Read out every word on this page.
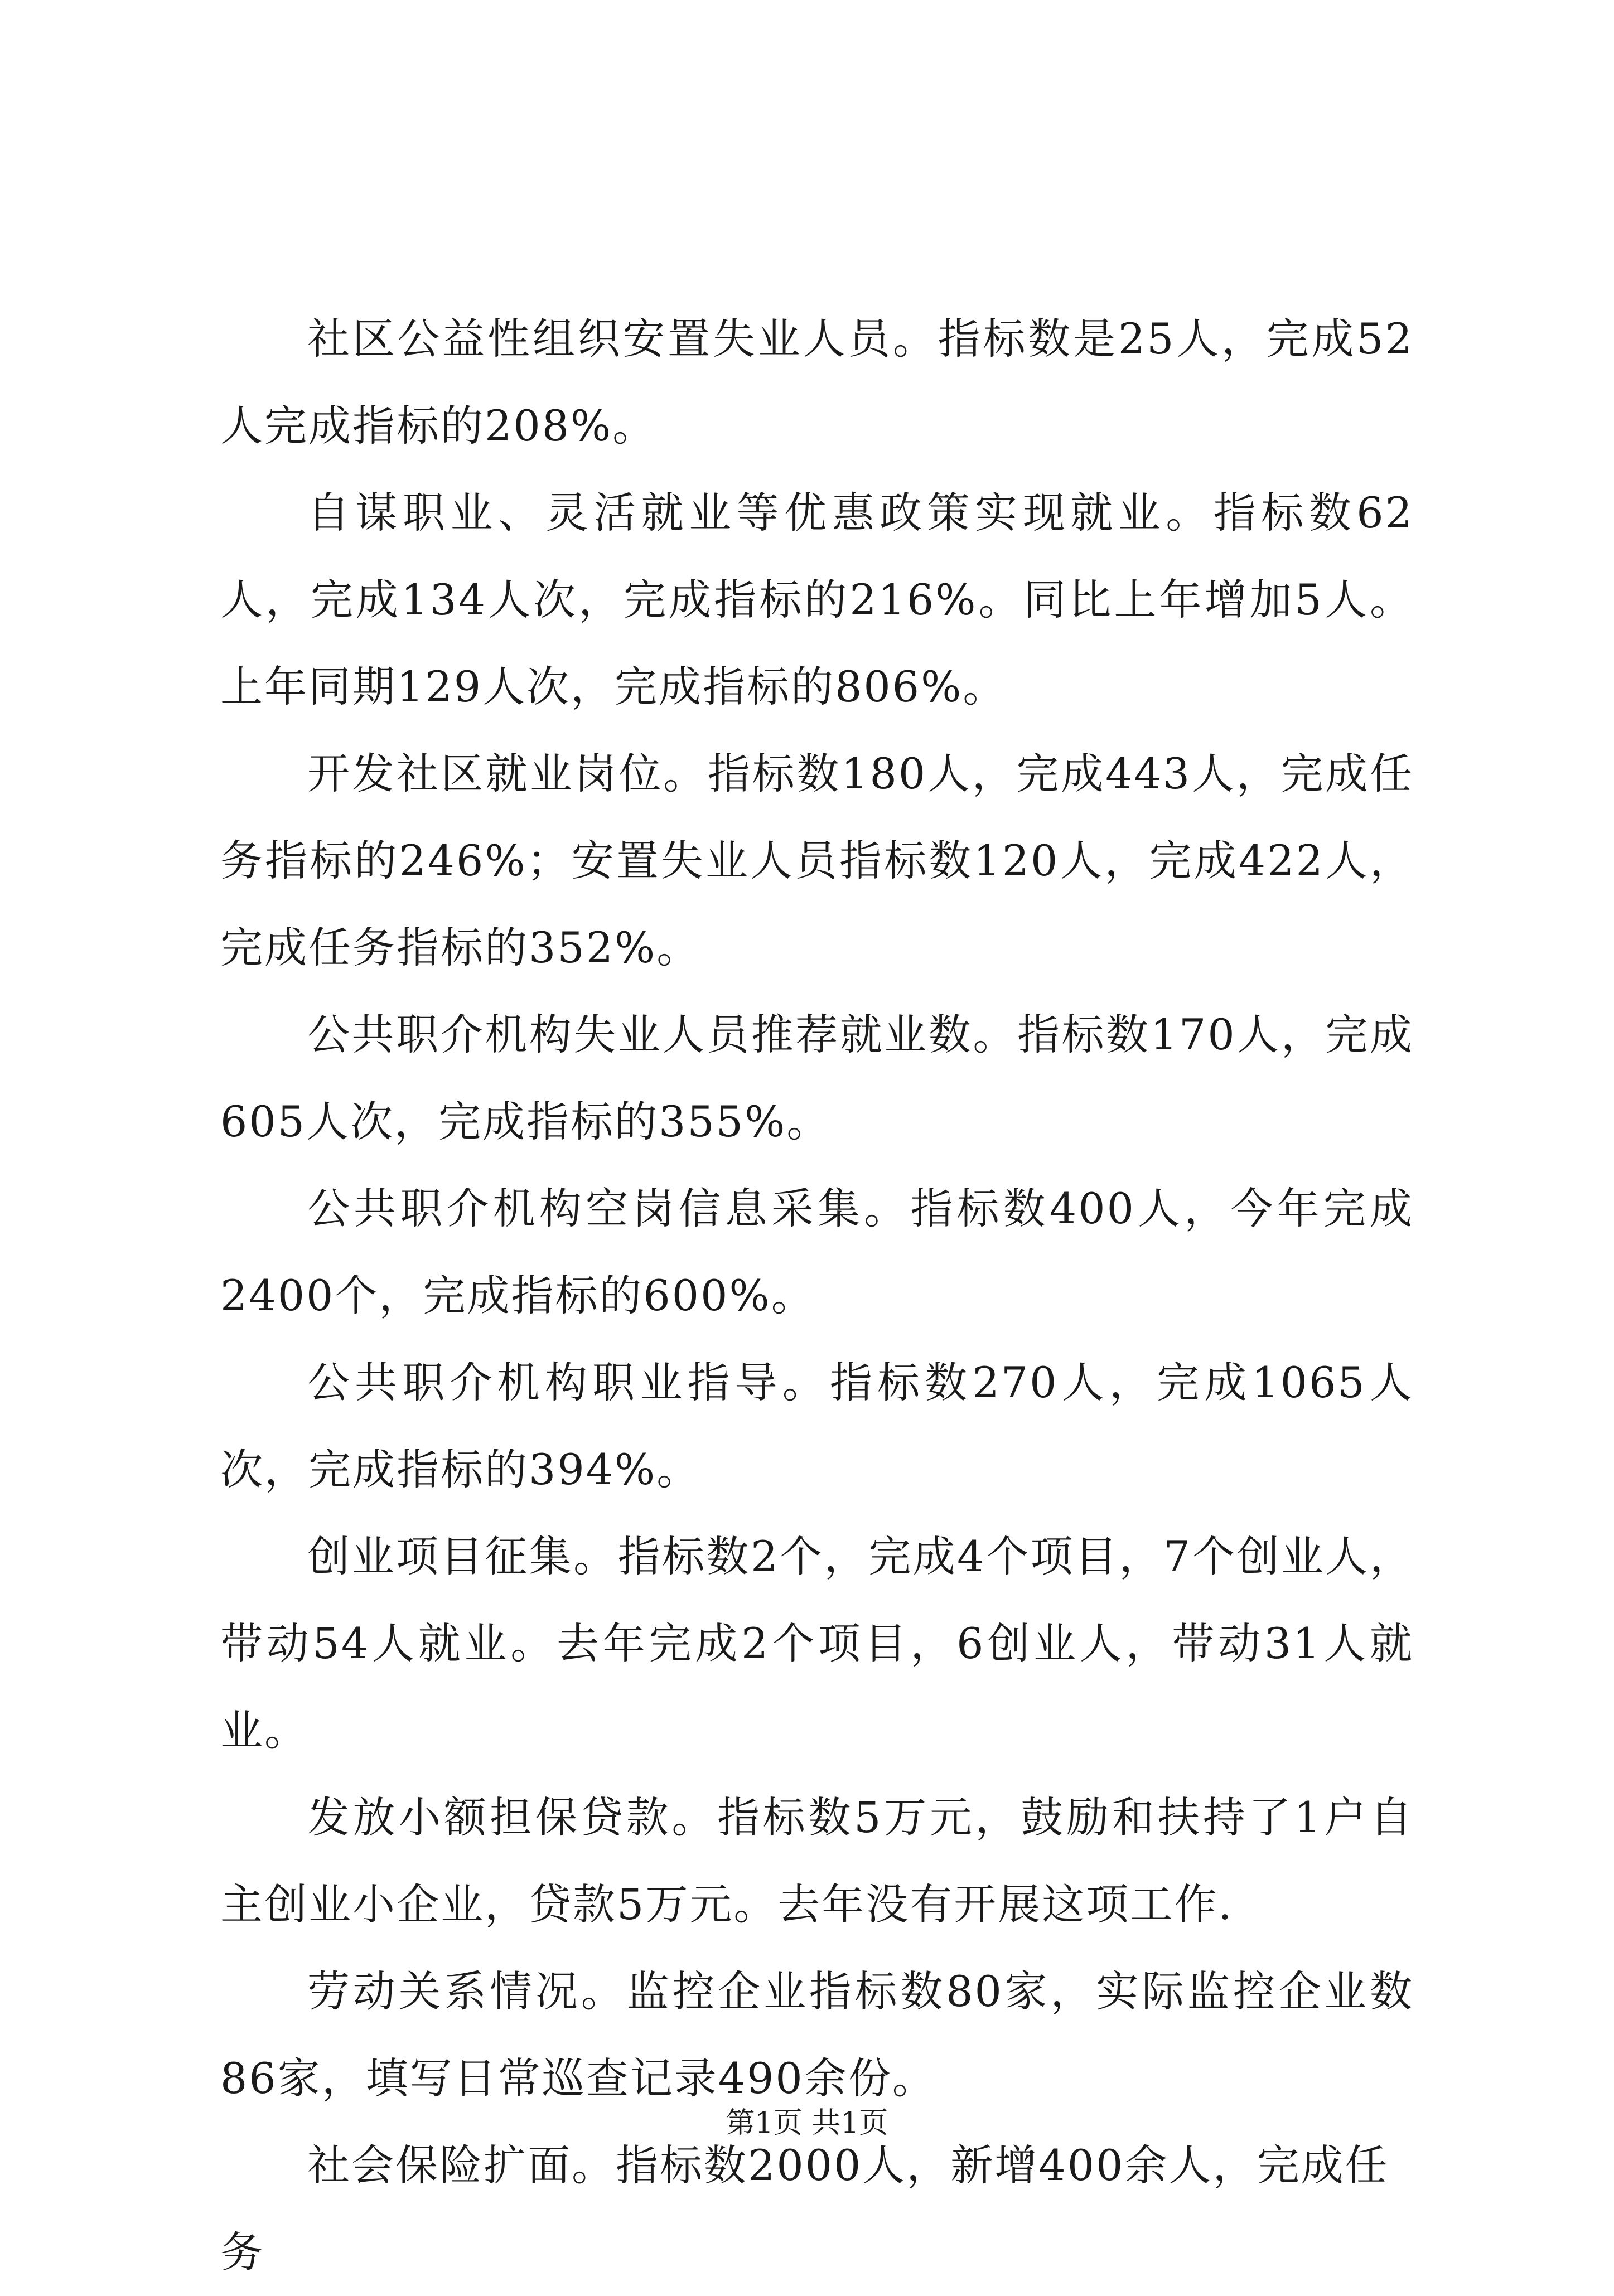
社区公益性组织安置失业人员。指标数是25人，完成52人完成指标的208%。

自谋职业、灵活就业等优惠政策实现就业。指标数62人，完成134人次，完成指标的216%。同比上年增加5人。上年同期129人次，完成指标的806%。

开发社区就业岗位。指标数180人，完成443人，完成任务指标的246%；安置失业人员指标数120人，完成422人，完成任务指标的352%。

公共职介机构失业人员推荐就业数。指标数170人，完成605人次，完成指标的355%。

公共职介机构空岗信息采集。指标数400人，今年完成2400个，完成指标的600%。

公共职介机构职业指导。指标数270人，完成1065人次，完成指标的394%。

创业项目征集。指标数2个，完成4个项目，7个创业人，带动54人就业。去年完成2个项目，6创业人，带动31人就业。

发放小额担保贷款。指标数5万元，鼓励和扶持了1户自主创业小企业，贷款5万元。去年没有开展这项工作.

劳动关系情况。监控企业指标数80家，实际监控企业数86家，填写日常巡查记录490余份。

社会保险扩面。指标数2000人，新增400余人，完成任务

第1页 共1页
